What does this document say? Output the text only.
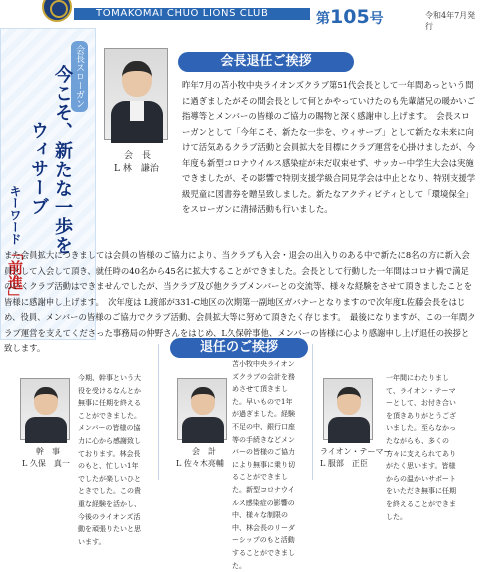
TOMAKOMAI CHUŌ LIONS CLUB	第105号	令和4年7月発行
会長スローガン
今こそ、新たな一歩を
ウィサーブ
キーワード「前進」
会　長
L 林　謙治
会長退任ご挨拶
昨年7月の苫小牧中央ライオンズクラブ第51代会長として一年間あっという間に過ぎましたがその間会長として何とかやっていけたのも先輩諸兄の暖かいご指導等とメンバーの皆様のご協力の賜物と深く感謝申し上げます。　会長スローガンとして「今年こそ、新たな一歩を、ウィサーブ」として新たな未来に向けて活気あるクラブ活動と会員拡大を目標にクラブ運営を心掛けましたが、今年度も新型コロナウイルス感染症が未だ収束せず、サッカー中学生大会は実施できましたが、その影響で特別支援学級合同見学会は中止となり、特別支援学級児童に図書券を贈呈致しました。新たなアクティビティとして「環境保全」をスローガンに清掃活動も行いました。
また会員拡大につきましては会員の皆様のご協力により、当クラブも入会・退会の出入りのある中で新たに8名の方に新入会員として入会して頂き、就任時の40名から45名に拡大することができました。会長として行動した一年間はコロナ禍で満足のいくクラブ活動はできませんでしたが、当クラブ及び他クラブメンバーとの交流等、様々な経験をさせて頂きましたことを皆様に感謝申し上げます。　次年度は L渡部が331-C地区の次期第一副地区ガバナーとなりますので次年度L佐藤会長をはじめ、役員、メンバーの皆様のご協力でクラブ活動、会員拡大等に努めて頂きたく存じます。　最後になりますが、この一年間クラブ運営を支えてくださった事務局の仲野さんをはじめ、L久保幹事他、メンバーの皆様に心より感謝申し上げ退任の挨拶と致します。	退任のご挨拶
幹　事
L 久保　真一
今期、幹事という大役を受けるなんとか無事に任期を終えることができました。メンバーの皆様の協力に心から感謝致しております。林会長のもと、忙しい1年でしたが楽しいひとときでした。この貴重な経験を活かし、今後のライオンズ活動を頑張りたいと思います。
会　計
L 佐々木亮輔
苫小牧中央ライオンズクラブの会計を務めさせて頂きました。早いもので1年が過ぎました。経験不足の中、銀行口座等の手続きなどメンバーの皆様のご協力により無事に乗り切ることができました。新型コロナウイルス感染症の影響の中、様々な制限の中、林会長のリーダーシップのもと活動することができました。
ライオン・テーマー
L 服部　正臣
一年間にわたりまして、ライオン・テーマーとして、お付き合いを頂きありがとうございました。至らなかったながらも、多くの方々に支えられてありがたく思います。皆様からの温かいサポートをいただき無事に任期を終えることができました。
